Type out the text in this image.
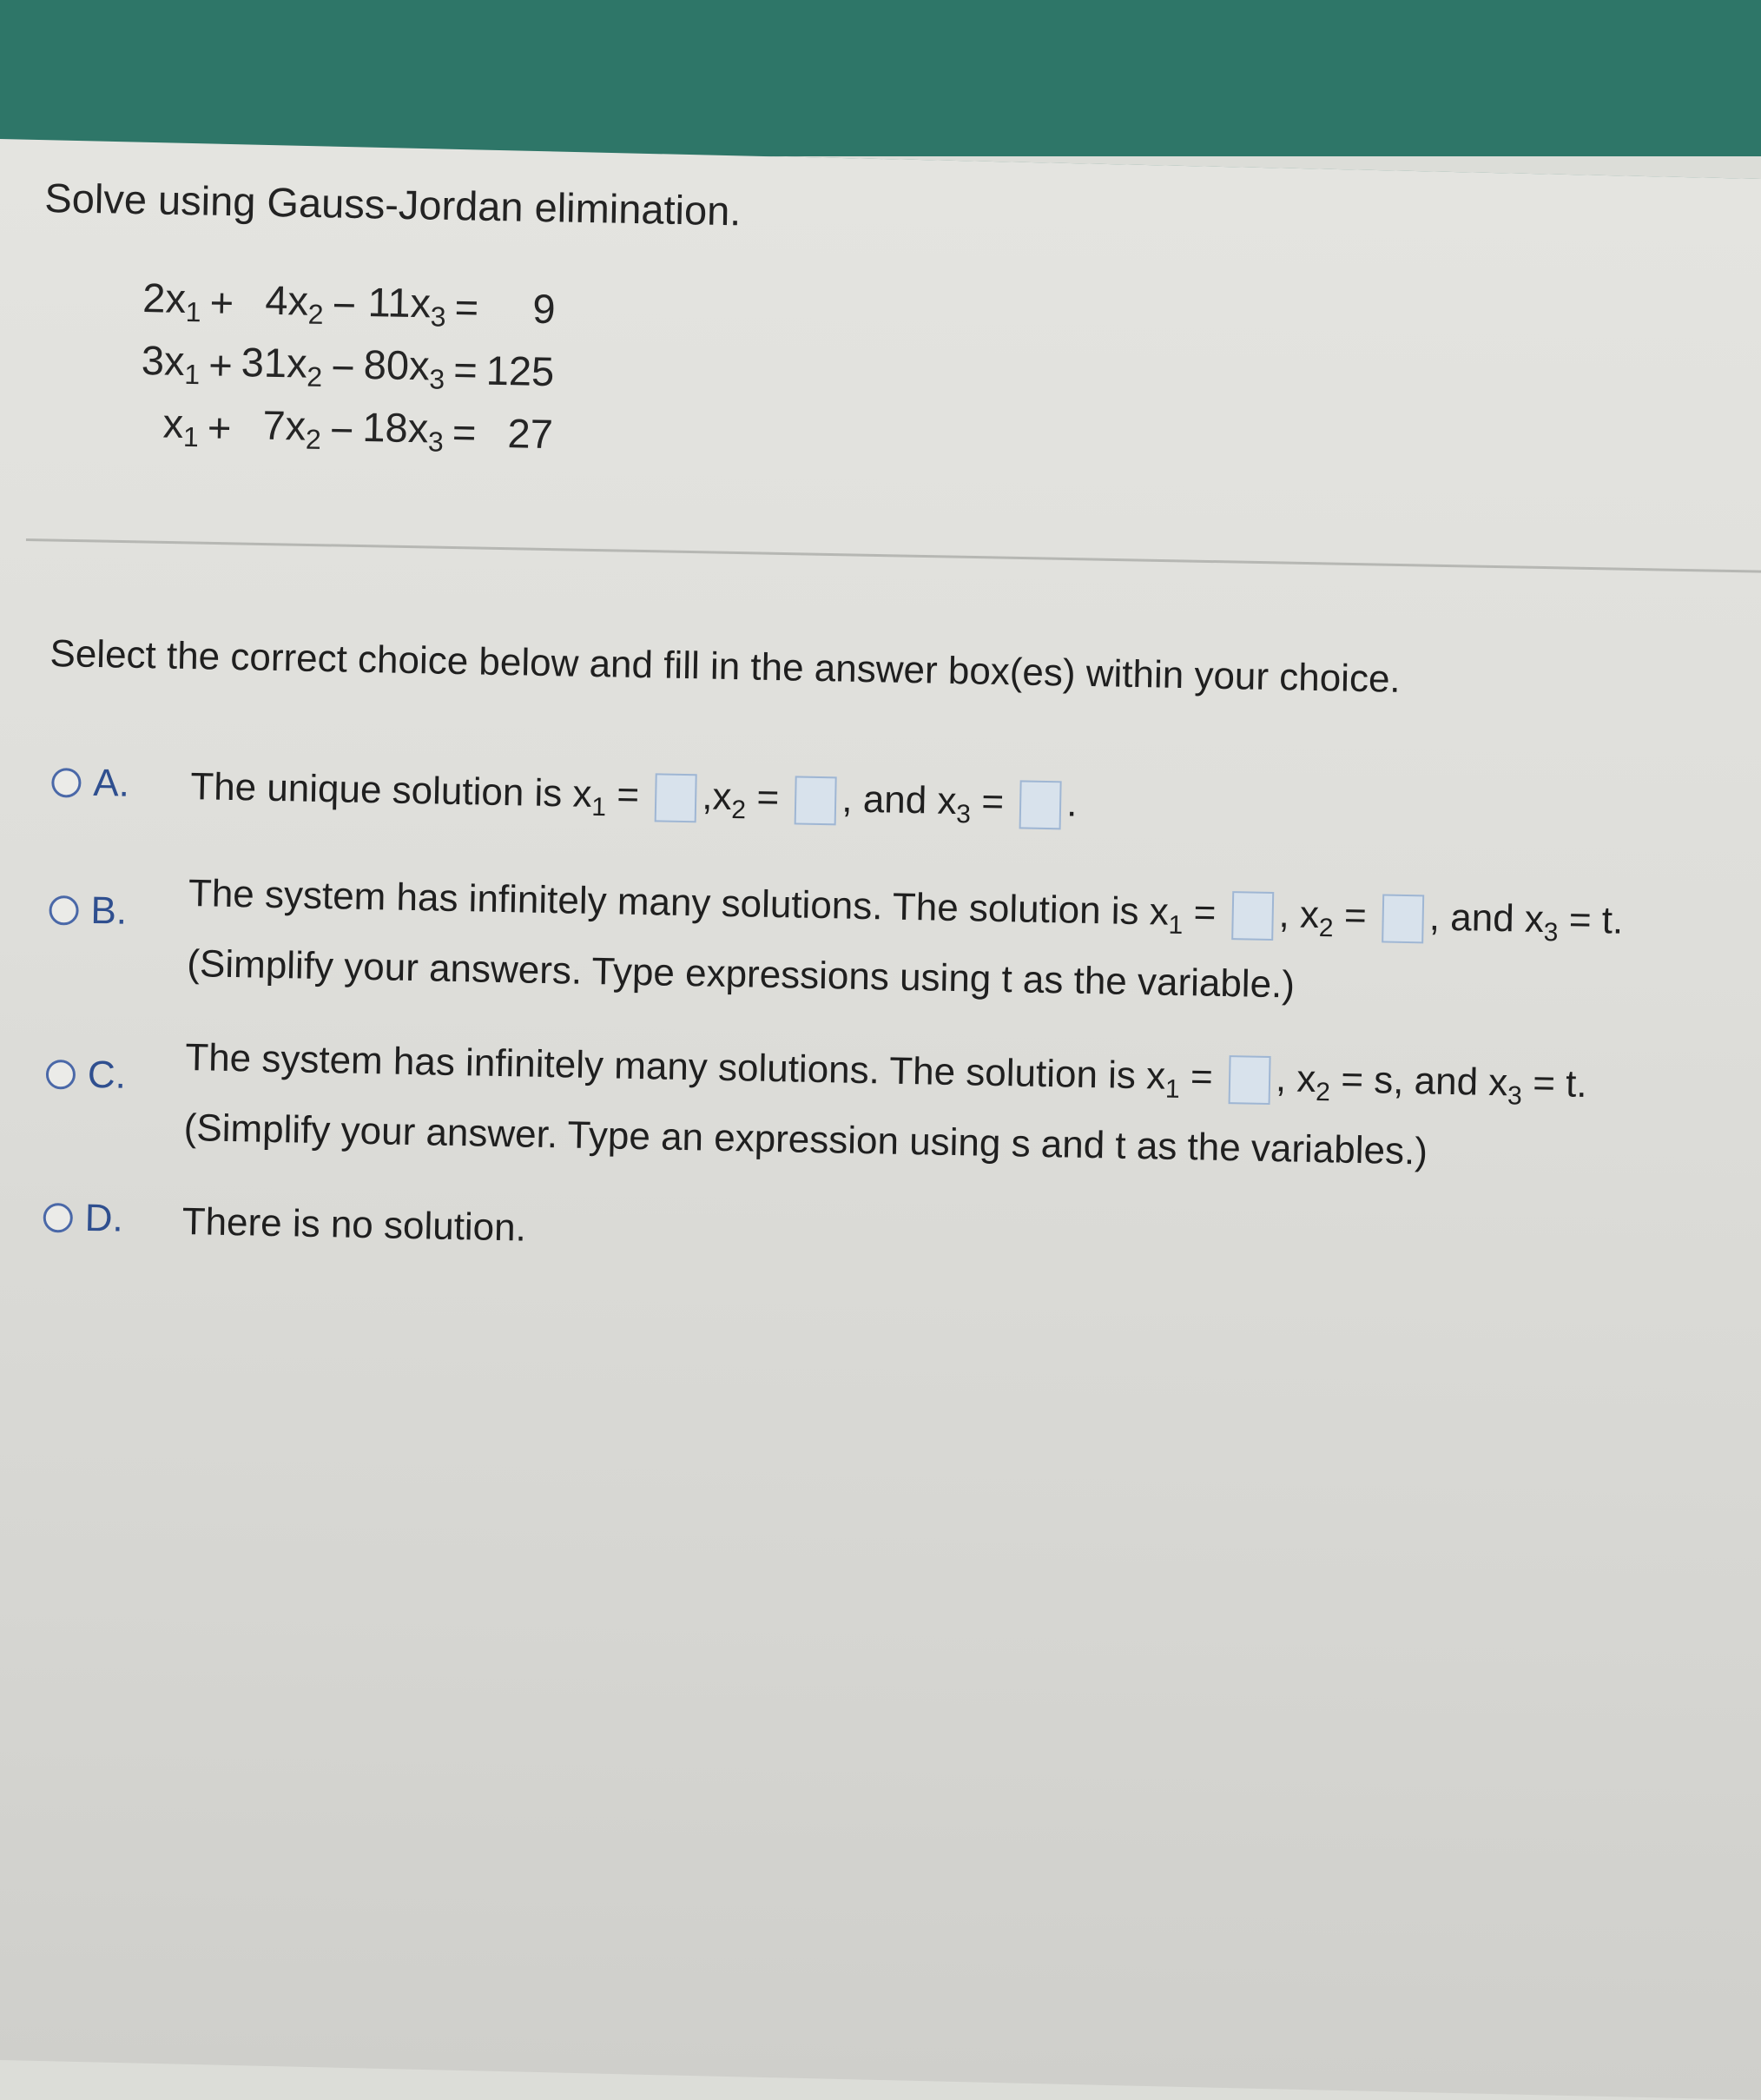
Solve using Gauss-Jordan elimination.
$2x_1$	+	$4x_2$	−	$11x_3$	=	9
$3x_1$	+	$31x_2$	−	$80x_3$	=	125
$x_1$	+	$7x_2$	−	$18x_3$	=	27
Select the correct choice below and fill in the answer box(es) within your choice.
A. The unique solution is $x_1 = ,x_2$ = , and $x_3$ = .
B. The system has infinitely many solutions. The solution is $x_1$ = , $x_2$ = , and $x_3 = t$.
(Simplify your answers. Type expressions using t as the variable.)
C. The system has infinitely many solutions. The solution is $x_1$ = , $x_2 = s$, and $x_3 = t$.
(Simplify your answer. Type an expression using s and t as the variables.)
D. There is no solution.
